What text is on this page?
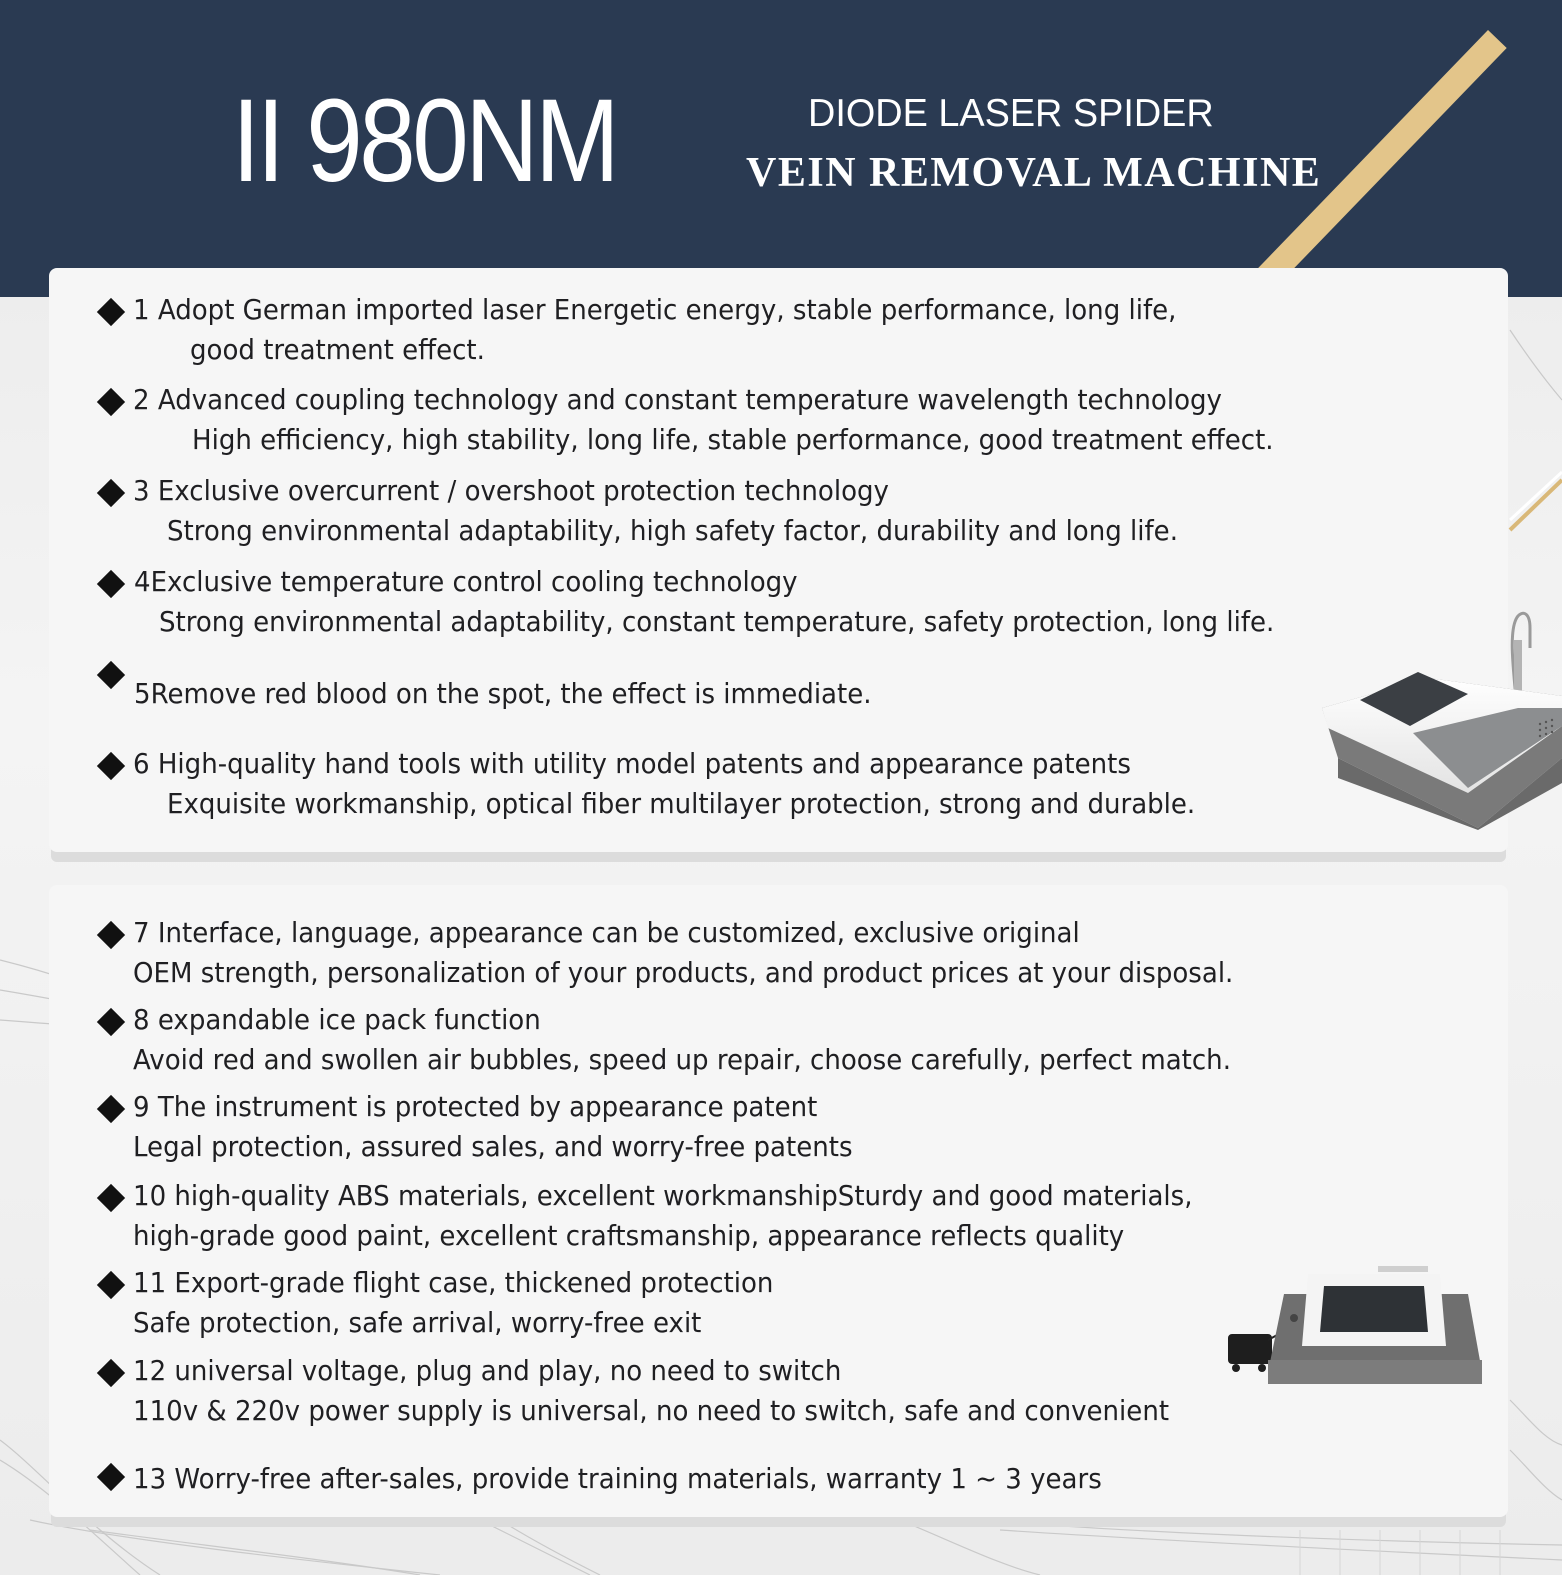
II 980NM	DIODE LASER SPIDER
VEIN REMOVAL MACHINE
1 Adopt German imported laser Energetic energy, stable performance, long life,
good treatment effect.
2 Advanced coupling technology and constant temperature wavelength technology
High efficiency, high stability, long life, stable performance, good treatment effect.
3 Exclusive overcurrent / overshoot protection technology
Strong environmental adaptability, high safety factor, durability and long life.
4Exclusive temperature control cooling technology
Strong environmental adaptability, constant temperature, safety protection, long life.
5Remove red blood on the spot, the effect is immediate.
6 High-quality hand tools with utility model patents and appearance patents
Exquisite workmanship, optical fiber multilayer protection, strong and durable.
7 Interface, language, appearance can be customized, exclusive original
OEM strength, personalization of your products, and product prices at your disposal.
8 expandable ice pack function
Avoid red and swollen air bubbles, speed up repair, choose carefully, perfect match.
9 The instrument is protected by appearance patent
Legal protection, assured sales, and worry-free patents
10 high-quality ABS materials, excellent workmanshipSturdy and good materials,
high-grade good paint, excellent craftsmanship, appearance reflects quality
11 Export-grade flight case, thickened protection
Safe protection, safe arrival, worry-free exit
12 universal voltage, plug and play, no need to switch
110v & 220v power supply is universal, no need to switch, safe and convenient
13 Worry-free after-sales, provide training materials, warranty 1 ~ 3 years
